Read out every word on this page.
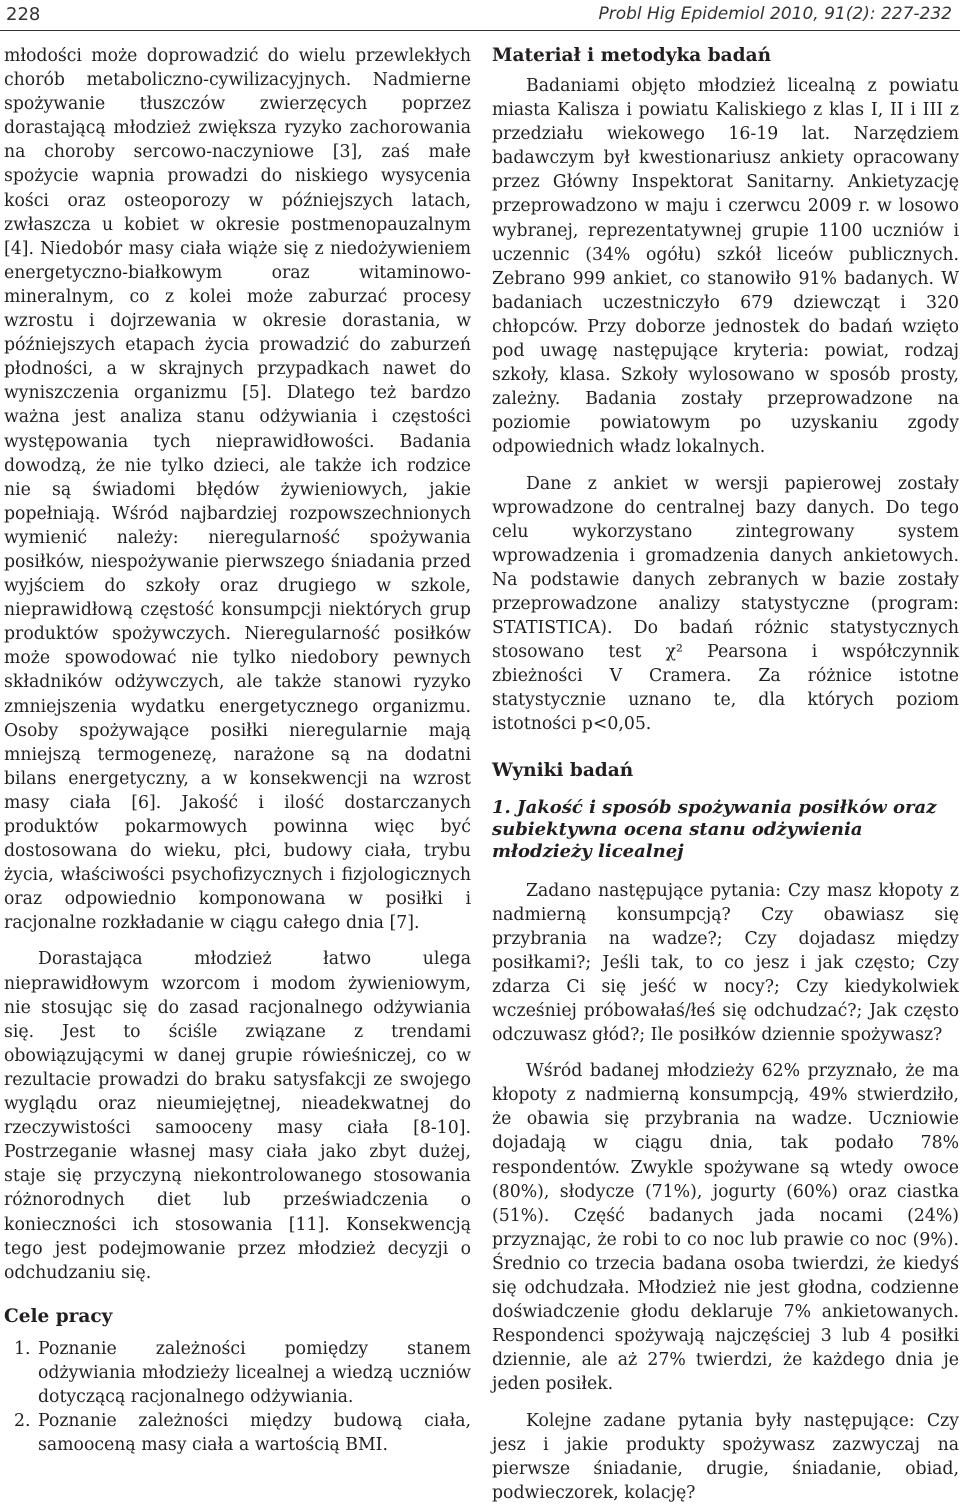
228	Probl Hig Epidemiol 2010, 91(2): 227-232

młodości może doprowadzić do wielu przewlekłych chorób metaboliczno-cywilizacyjnych. Nadmierne spożywanie tłuszczów zwierzęcych poprzez dorastającą młodzież zwiększa ryzyko zachorowania na choroby sercowo-naczyniowe [3], zaś małe spożycie wapnia prowadzi do niskiego wysycenia kości oraz osteoporozy w późniejszych latach, zwłaszcza u kobiet w okresie postmenopauzalnym [4]. Niedobór masy ciała wiąże się z niedożywieniem energetyczno-białkowym oraz witaminowo-mineralnym, co z kolei może zaburzać procesy wzrostu i dojrzewania w okresie dorastania, w późniejszych etapach życia prowadzić do zaburzeń płodności, a w skrajnych przypadkach nawet do wyniszczenia organizmu [5]. Dlatego też bardzo ważna jest analiza stanu odżywiania i częstości występowania tych nieprawidłowości. Badania dowodzą, że nie tylko dzieci, ale także ich rodzice nie są świadomi błędów żywieniowych, jakie popełniają. Wśród najbardziej rozpowszechnionych wymienić należy: nieregularność spożywania posiłków, niespożywanie pierwszego śniadania przed wyjściem do szkoły oraz drugiego w szkole, nieprawidłową częstość konsumpcji niektórych grup produktów spożywczych. Nieregularność posiłków może spowodować nie tylko niedobory pewnych składników odżywczych, ale także stanowi ryzyko zmniejszenia wydatku energetycznego organizmu. Osoby spożywające posiłki nieregularnie mają mniejszą termogenezę, narażone są na dodatni bilans energetyczny, a w konsekwencji na wzrost masy ciała [6]. Jakość i ilość dostarczanych produktów pokarmowych powinna więc być dostosowana do wieku, płci, budowy ciała, trybu życia, właściwości psychofizycznych i fizjologicznych oraz odpowiednio komponowana w posiłki i racjonalne rozkładanie w ciągu całego dnia [7].

Dorastająca młodzież łatwo ulega nieprawidłowym wzorcom i modom żywieniowym, nie stosując się do zasad racjonalnego odżywiania się. Jest to ściśle związane z trendami obowiązującymi w danej grupie rówieśniczej, co w rezultacie prowadzi do braku satysfakcji ze swojego wyglądu oraz nieumiejętnej, nieadekwatnej do rzeczywistości samooceny masy ciała [8-10]. Postrzeganie własnej masy ciała jako zbyt dużej, staje się przyczyną niekontrolowanego stosowania różnorodnych diet lub przeświadczenia o konieczności ich stosowania [11]. Konsekwencją tego jest podejmowanie przez młodzież decyzji o odchudzaniu się.

Cele pracy
1. Poznanie zależności pomiędzy stanem odżywiania młodzieży licealnej a wiedzą uczniów dotyczącą racjonalnego odżywiania.
2. Poznanie zależności między budową ciała, samooceną masy ciała a wartością BMI.
Materiał i metodyka badań

Badaniami objęto młodzież licealną z powiatu miasta Kalisza i powiatu Kaliskiego z klas I, II i III z przedziału wiekowego 16-19 lat. Narzędziem badawczym był kwestionariusz ankiety opracowany przez Główny Inspektorat Sanitarny. Ankietyzację przeprowadzono w maju i czerwcu 2009 r. w losowo wybranej, reprezentatywnej grupie 1100 uczniów i uczennic (34% ogółu) szkół liceów publicznych. Zebrano 999 ankiet, co stanowiło 91% badanych. W badaniach uczestniczyło 679 dziewcząt i 320 chłopców. Przy doborze jednostek do badań wzięto pod uwagę następujące kryteria: powiat, rodzaj szkoły, klasa. Szkoły wylosowano w sposób prosty, zależny. Badania zostały przeprowadzone na poziomie powiatowym po uzyskaniu zgody odpowiednich władz lokalnych.

Dane z ankiet w wersji papierowej zostały wprowadzone do centralnej bazy danych. Do tego celu wykorzystano zintegrowany system wprowadzenia i gromadzenia danych ankietowych. Na podstawie danych zebranych w bazie zostały przeprowadzone analizy statystyczne (program: STATISTICA). Do badań różnic statystycznych stosowano test χ² Pearsona i współczynnik zbieżności V Cramera. Za różnice istotne statystycznie uznano te, dla których poziom istotności p<0,05.

Wyniki badań
1. Jakość i sposób spożywania posiłków oraz subiektywna ocena stanu odżywienia młodzieży licealnej

Zadano następujące pytania: Czy masz kłopoty z nadmierną konsumpcją? Czy obawiasz się przybrania na wadze?; Czy dojadasz między posiłkami?; Jeśli tak, to co jesz i jak często; Czy zdarza Ci się jeść w nocy?; Czy kiedykolwiek wcześniej próbowałaś/łeś się odchudzać?; Jak często odczuwasz głód?; Ile posiłków dziennie spożywasz?

Wśród badanej młodzieży 62% przyznało, że ma kłopoty z nadmierną konsumpcją, 49% stwierdziło, że obawia się przybrania na wadze. Uczniowie dojadają w ciągu dnia, tak podało 78% respondentów. Zwykle spożywane są wtedy owoce (80%), słodycze (71%), jogurty (60%) oraz ciastka (51%). Część badanych jada nocami (24%) przyznając, że robi to co noc lub prawie co noc (9%). Średnio co trzecia badana osoba twierdzi, że kiedyś się odchudzała. Młodzież nie jest głodna, codzienne doświadczenie głodu deklaruje 7% ankietowanych. Respondenci spożywają najczęściej 3 lub 4 posiłki dziennie, ale aż 27% twierdzi, że każdego dnia je jeden posiłek.

Kolejne zadane pytania były następujące: Czy jesz i jakie produkty spożywasz zazwyczaj na pierwsze śniadanie, drugie, śniadanie, obiad, podwieczorek, kolację?
